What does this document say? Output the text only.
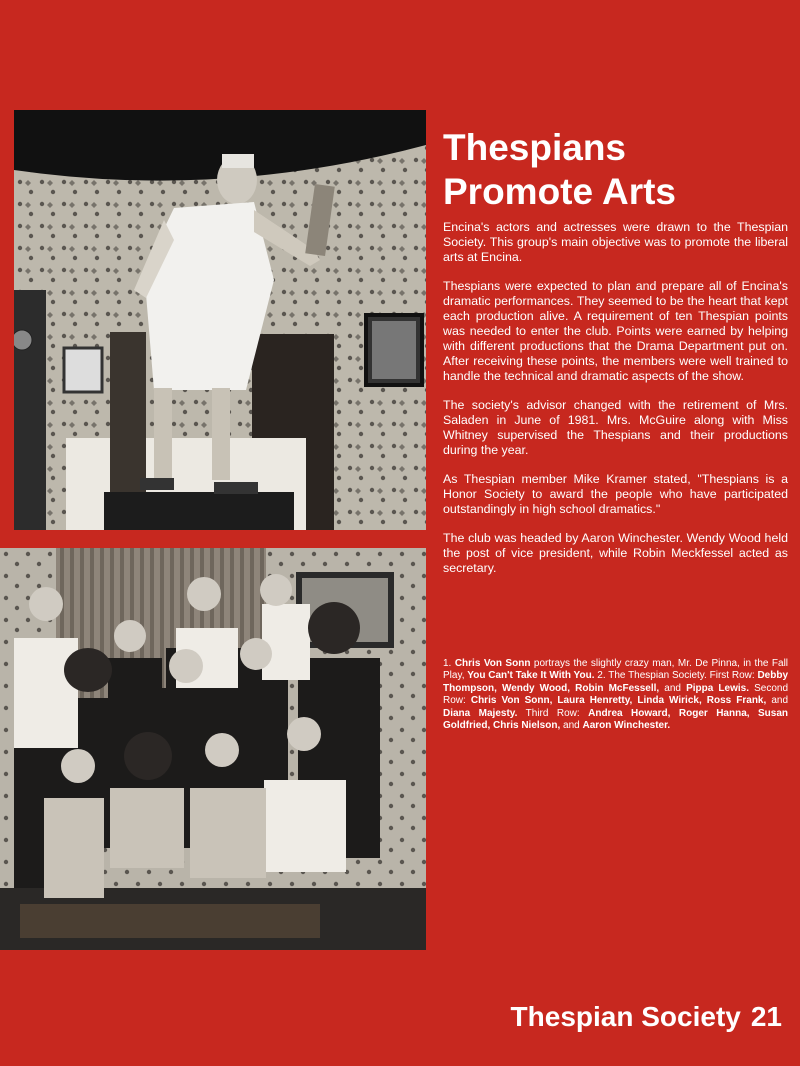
Thespians
Promote Arts

Encina's actors and actresses were drawn to the Thespian Society. This group's main objective was to promote the liberal arts at Encina.

Thespians were expected to plan and prepare all of Encina's dramatic performances. They seemed to be the heart that kept each production alive. A requirement of ten Thespian points was needed to enter the club. Points were earned by helping with different productions that the Drama Department put on. After receiving these points, the members were well trained to handle the technical and dramatic aspects of the show.

The society's advisor changed with the retirement of Mrs. Saladen in June of 1981. Mrs. McGuire along with Miss Whitney supervised the Thespians and their productions during the year.

As Thespian member Mike Kramer stated, "Thespians is a Honor Society to award the people who have participated outstandingly in high school dramatics."

The club was headed by Aaron Winchester. Wendy Wood held the post of vice president, while Robin Meckfessel acted as secretary.

1. Chris Von Sonn portrays the slightly crazy man, Mr. De Pinna, in the Fall Play, You Can't Take It With You. 2. The Thespian Society. First Row: Debby Thompson, Wendy Wood, Robin McFessell, and Pippa Lewis. Second Row: Chris Von Sonn, Laura Henretty, Linda Wirick, Ross Frank, and Diana Majesty. Third Row: Andrea Howard, Roger Hanna, Susan Goldfried, Chris Nielson, and Aaron Winchester.
Thespian Society 21
